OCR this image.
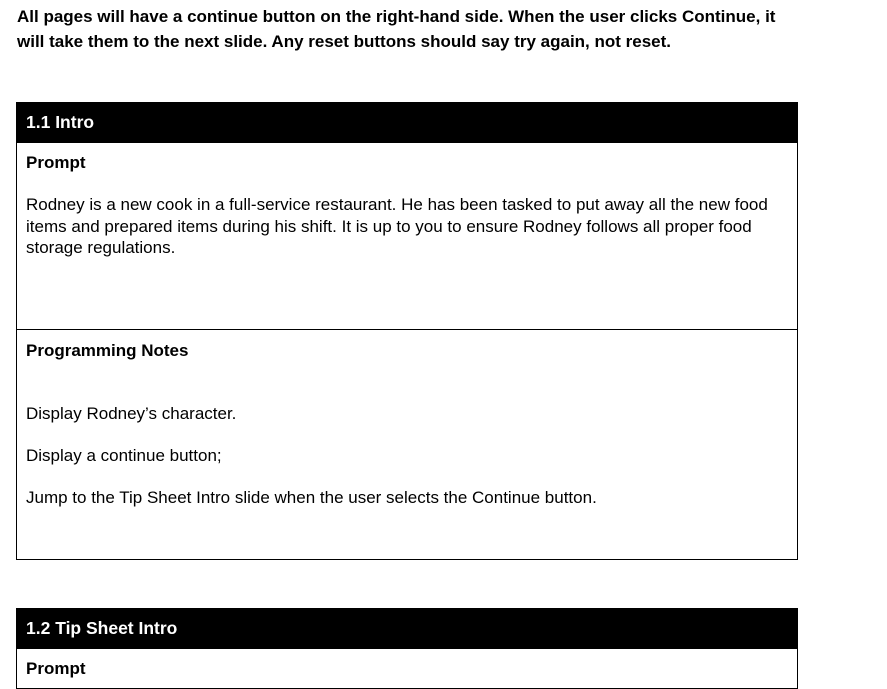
All pages will have a continue button on the right-hand side. When the user clicks Continue, it will take them to the next slide. Any reset buttons should say try again, not reset.

1.1 Intro

Prompt

Rodney is a new cook in a full-service restaurant. He has been tasked to put away all the new food items and prepared items during his shift. It is up to you to ensure Rodney follows all proper food storage regulations.

Programming Notes

Display Rodney’s character.

Display a continue button;

Jump to the Tip Sheet Intro slide when the user selects the Continue button.

1.2 Tip Sheet Intro

Prompt
